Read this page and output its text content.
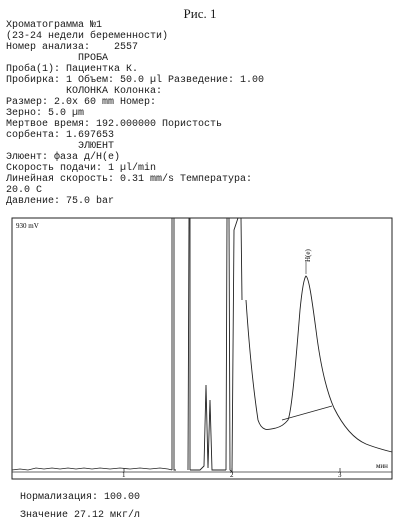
Рис. 1
Хроматограмма №1
(23-24 недели беременности)
Номер анализа:    2557
ПРОБА
Проба(1): Пациентка К.
Пробирка: 1 Объем: 50.0 µl Разведение: 1.00
КОЛОНКА Колонка:
Размер: 2.0х 60 mm Номер:
Зерно: 5.0 µm
Мертвое время: 192.000000 Пористость
сорбента: 1.697653
ЭЛЮЕНТ
Элюент: фаза д/Н(е)
Скорость подачи: 1 µl/min
Линейная скорость: 0.31 mm/s Температура:
20.0 С
Давление: 75.0 bar
930 mV
мин
1	2	3
Н(е)
Нормализация: 100.00
Значение 27.12 мкг/л
